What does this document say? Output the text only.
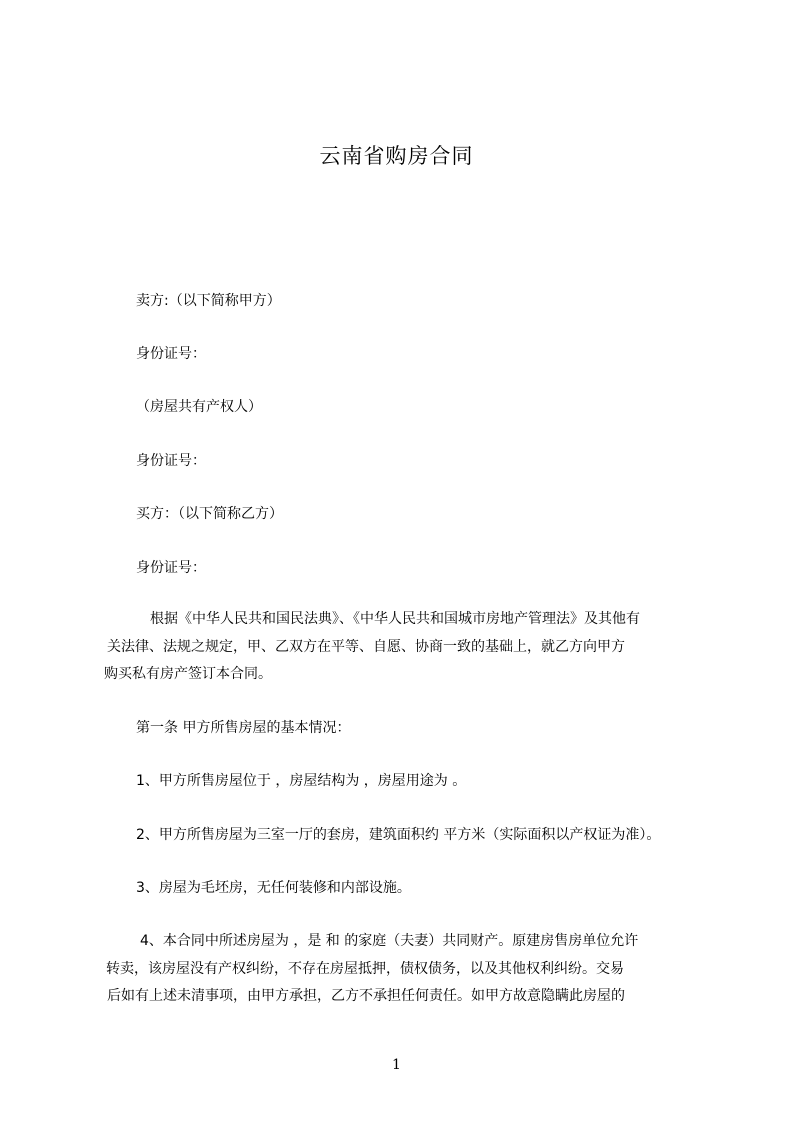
云南省购房合同
卖方:（以下简称甲方）
身份证号：
（房屋共有产权人）
身份证号：
买方：（以下简称乙方）
身份证号：
根据《中华人民共和国民法典》、《中华人民共和国城市房地产管理法》及其他有
关法律、法规之规定，甲、乙双方在平等、自愿、协商一致的基础上，就乙方向甲方
购买私有房产签订本合同。
第一条 甲方所售房屋的基本情况：
1、甲方所售房屋位于 ，房屋结构为 ，房屋用途为 。
2、甲方所售房屋为三室一厅的套房，建筑面积约 平方米（实际面积以产权证为准）。
3、房屋为毛坯房，无任何装修和内部设施。
4、本合同中所述房屋为 ，是 和 的家庭（夫妻）共同财产。原建房售房单位允许
转卖，该房屋没有产权纠纷，不存在房屋抵押，债权债务，以及其他权利纠纷。交易
后如有上述未清事项，由甲方承担，乙方不承担任何责任。如甲方故意隐瞒此房屋的
1
